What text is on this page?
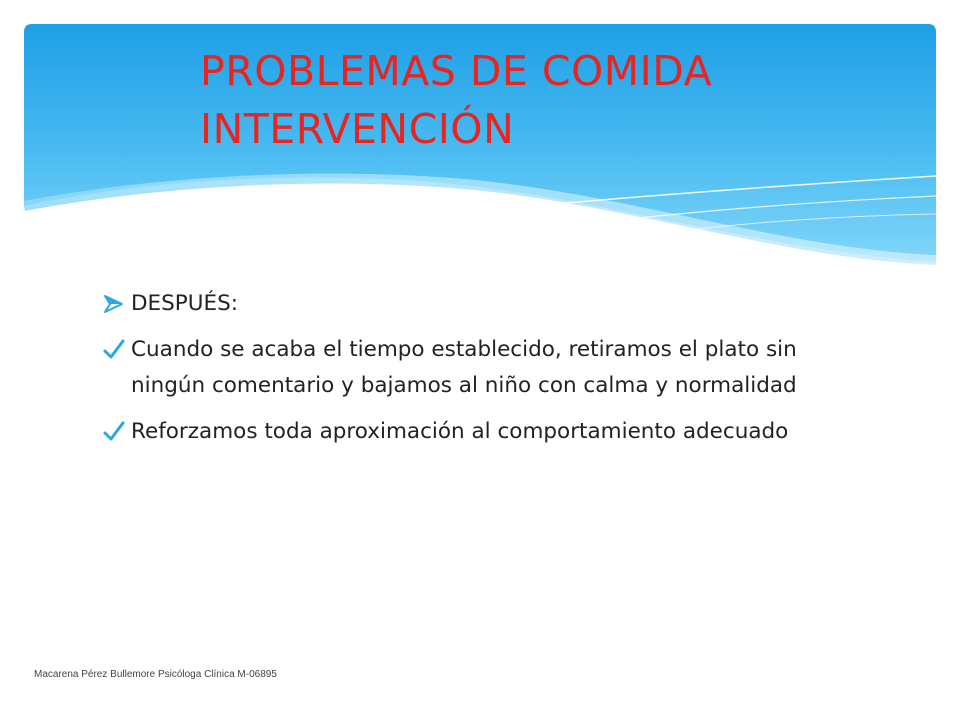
PROBLEMAS DE COMIDA
INTERVENCIÓN
DESPUÉS:
Cuando se acaba el tiempo establecido, retiramos el plato sin ningún comentario y bajamos al niño con calma y normalidad
Reforzamos toda aproximación al comportamiento adecuado
Macarena Pérez Bullemore Psicóloga Clínica M-06895
